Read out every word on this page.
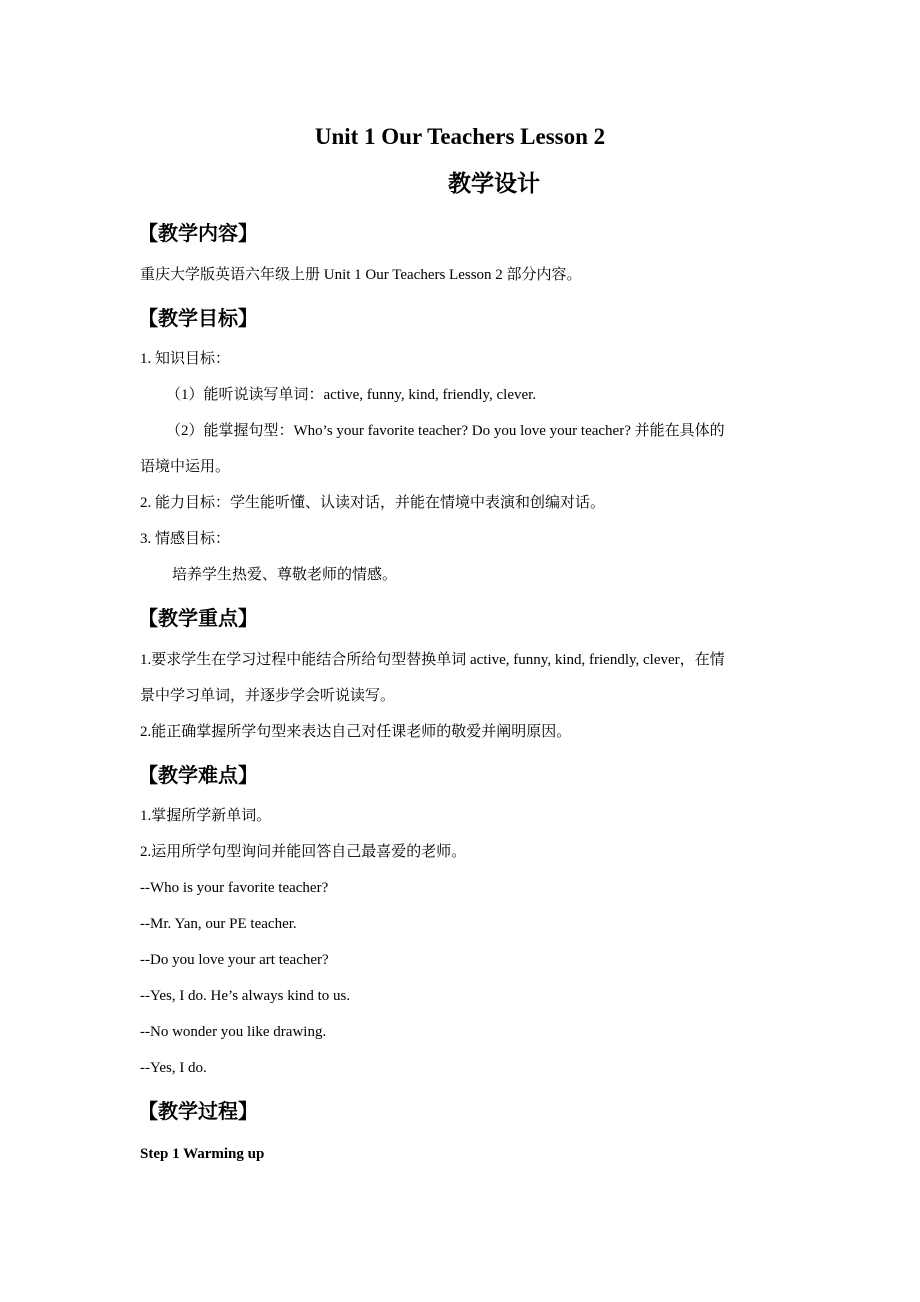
Unit 1 Our Teachers Lesson 2
教学设计
【教学内容】
重庆大学版英语六年级上册 Unit 1 Our Teachers Lesson 2 部分内容。
【教学目标】
1. 知识目标：
（1）能听说读写单词：active, funny, kind, friendly, clever.
（2）能掌握句型：Who’s your favorite teacher? Do you love your teacher? 并能在具体的
语境中运用。
2. 能力目标：学生能听懂、认读对话，并能在情境中表演和创编对话。
3. 情感目标：
培养学生热爱、尊敬老师的情感。
【教学重点】
1.要求学生在学习过程中能结合所给句型替换单词 active, funny, kind, friendly, clever，在情
景中学习单词，并逐步学会听说读写。
2.能正确掌握所学句型来表达自己对任课老师的敬爱并阐明原因。
【教学难点】
1.掌握所学新单词。
2.运用所学句型询问并能回答自己最喜爱的老师。
--Who is your favorite teacher?
--Mr. Yan, our PE teacher.
--Do you love your art teacher?
--Yes, I do. He’s always kind to us.
--No wonder you like drawing.
--Yes, I do.
【教学过程】
Step 1 Warming up
